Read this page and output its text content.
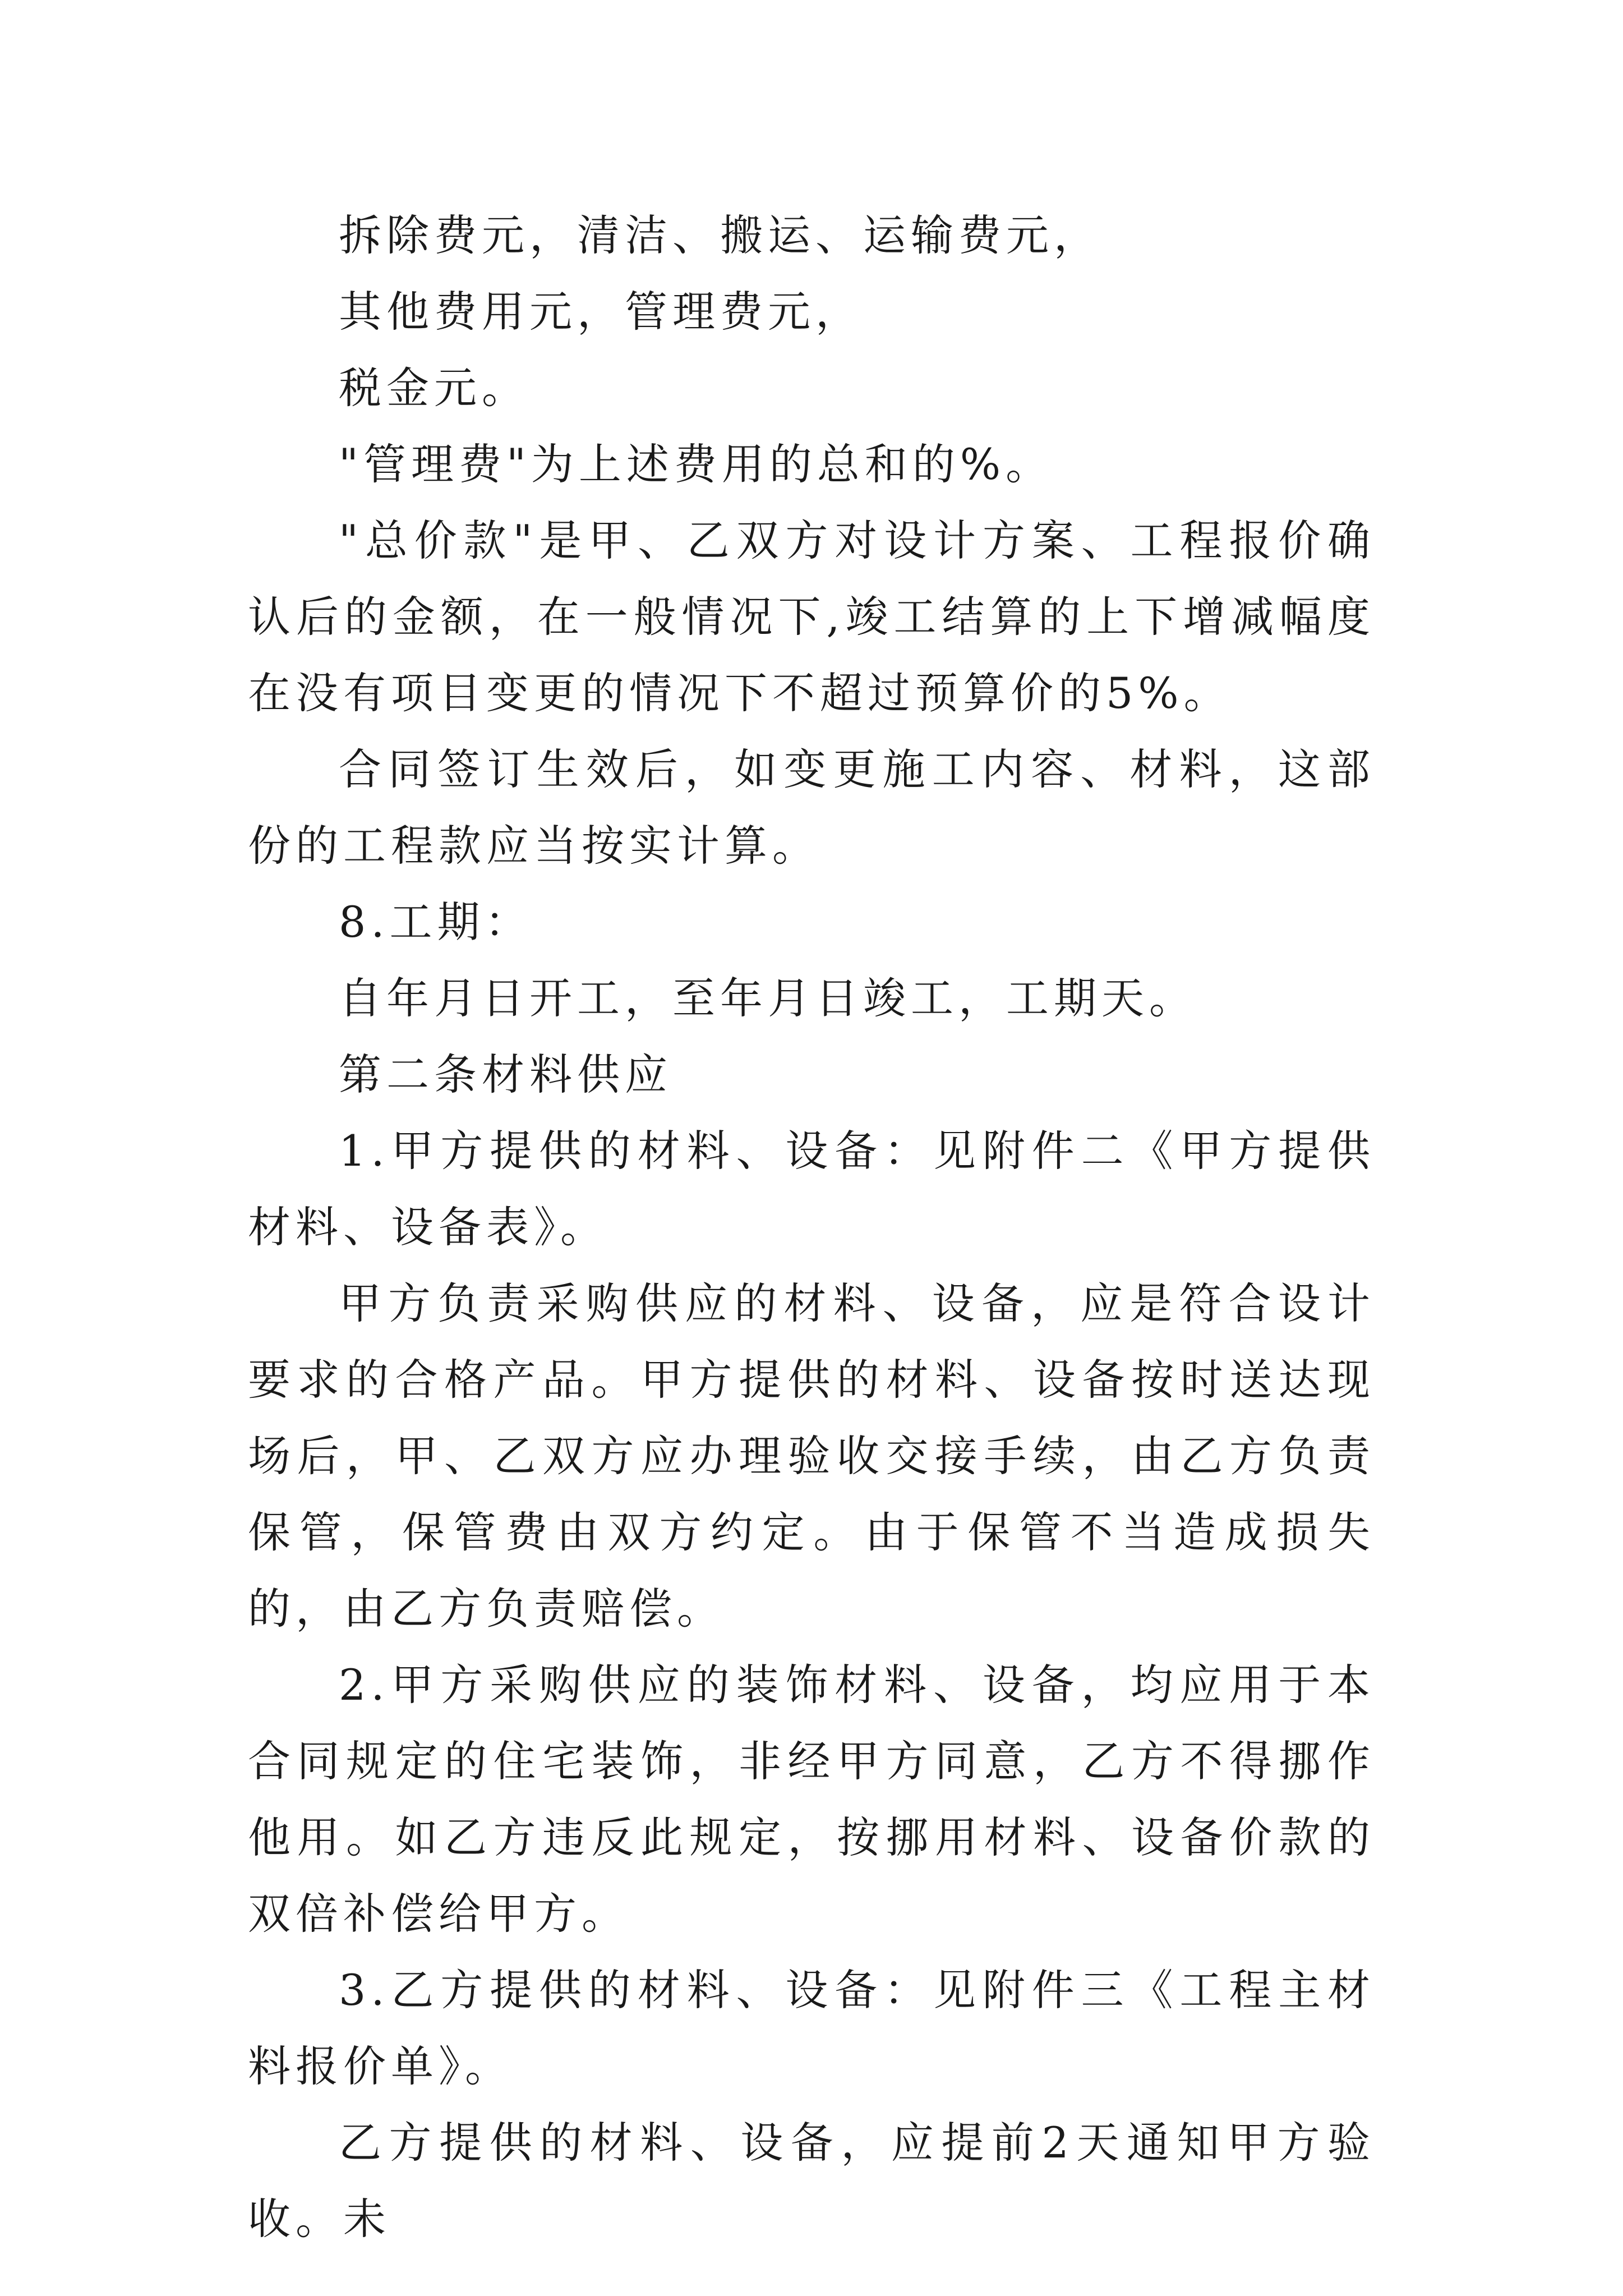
拆除费元，清洁、搬运、运输费元，

其他费用元，管理费元，

税金元。

"管理费"为上述费用的总和的%。

"总价款"是甲、乙双方对设计方案、工程报价确认后的金额，在一般情况下,竣工结算的上下增减幅度在没有项目变更的情况下不超过预算价的5%。

合同签订生效后，如变更施工内容、材料，这部份的工程款应当按实计算。

8.工期：

自年月日开工，至年月日竣工，工期天。

第二条材料供应

1.甲方提供的材料、设备：见附件二《甲方提供材料、设备表》。

甲方负责采购供应的材料、设备，应是符合设计要求的合格产品。甲方提供的材料、设备按时送达现场后，甲、乙双方应办理验收交接手续，由乙方负责保管，保管费由双方约定。由于保管不当造成损失的，由乙方负责赔偿。

2.甲方采购供应的装饰材料、设备，均应用于本合同规定的住宅装饰，非经甲方同意，乙方不得挪作他用。如乙方违反此规定，按挪用材料、设备价款的双倍补偿给甲方。

3.乙方提供的材料、设备：见附件三《工程主材料报价单》。

乙方提供的材料、设备，应提前2天通知甲方验收。未
